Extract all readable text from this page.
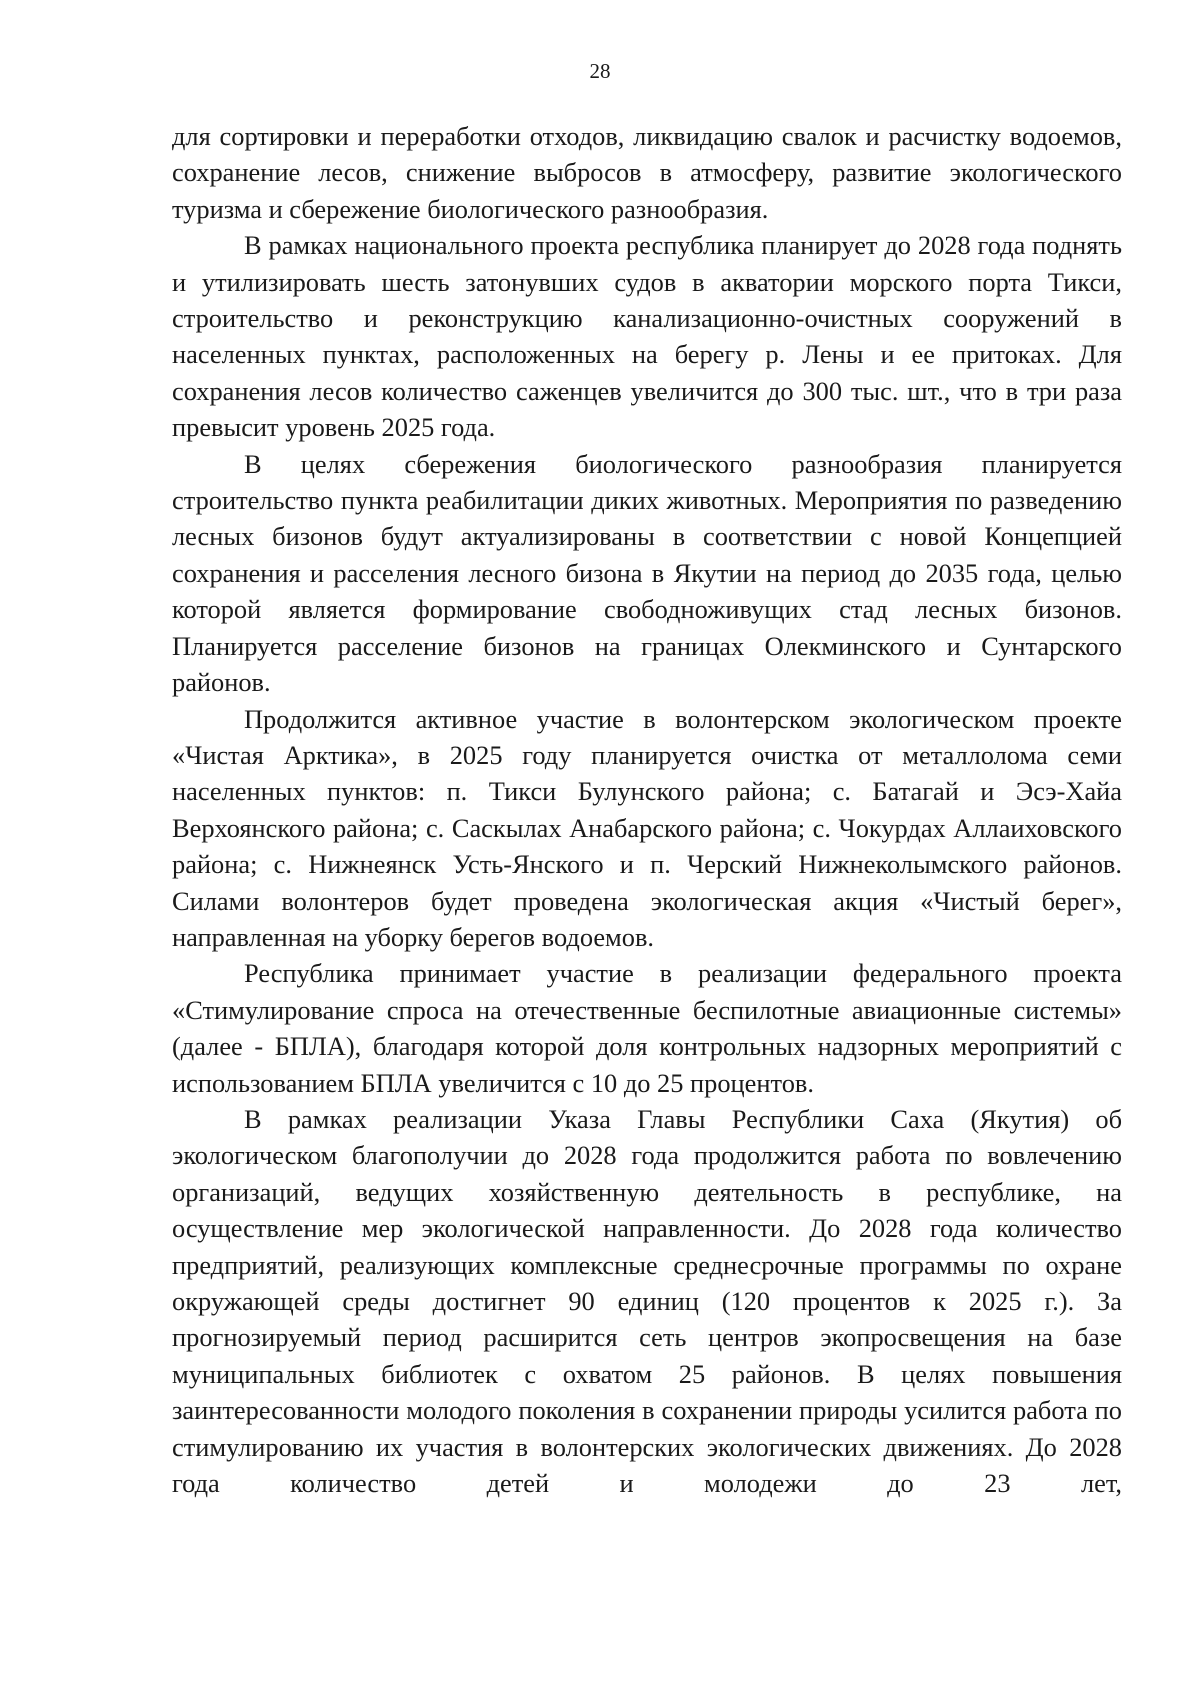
28

для сортировки и переработки отходов, ликвидацию свалок и расчистку водоемов, сохранение лесов, снижение выбросов в атмосферу, развитие экологического туризма и сбережение биологического разнообразия.

В рамках национального проекта республика планирует до 2028 года поднять и утилизировать шесть затонувших судов в акватории морского порта Тикси, строительство и реконструкцию канализационно-очистных сооружений в населенных пунктах, расположенных на берегу р. Лены и ее притоках. Для сохранения лесов количество саженцев увеличится до 300 тыс. шт., что в три раза превысит уровень 2025 года.

В целях сбережения биологического разнообразия планируется строительство пункта реабилитации диких животных. Мероприятия по разведению лесных бизонов будут актуализированы в соответствии с новой Концепцией сохранения и расселения лесного бизона в Якутии на период до 2035 года, целью которой является формирование свободноживущих стад лесных бизонов. Планируется расселение бизонов на границах Олекминского и Сунтарского районов.

Продолжится активное участие в волонтерском экологическом проекте «Чистая Арктика», в 2025 году планируется очистка от металлолома семи населенных пунктов: п. Тикси Булунского района; с. Батагай и Эсэ-Хайа Верхоянского района; с. Саскылах Анабарского района; с. Чокурдах Аллаиховского района; с. Нижнеянск Усть-Янского и п. Черский Нижнеколымского районов. Силами волонтеров будет проведена экологическая акция «Чистый берег», направленная на уборку берегов водоемов.

Республика принимает участие в реализации федерального проекта «Стимулирование спроса на отечественные беспилотные авиационные системы» (далее - БПЛА), благодаря которой доля контрольных надзорных мероприятий с использованием БПЛА увеличится с 10 до 25 процентов.

В рамках реализации Указа Главы Республики Саха (Якутия) об экологическом благополучии до 2028 года продолжится работа по вовлечению организаций, ведущих хозяйственную деятельность в республике, на осуществление мер экологической направленности. До 2028 года количество предприятий, реализующих комплексные среднесрочные программы по охране окружающей среды достигнет 90 единиц (120 процентов к 2025 г.). За прогнозируемый период расширится сеть центров экопросвещения на базе муниципальных библиотек с охватом 25 районов. В целях повышения заинтересованности молодого поколения в сохранении природы усилится работа по стимулированию их участия в волонтерских экологических движениях. До 2028 года количество детей и молодежи до 23 лет,
